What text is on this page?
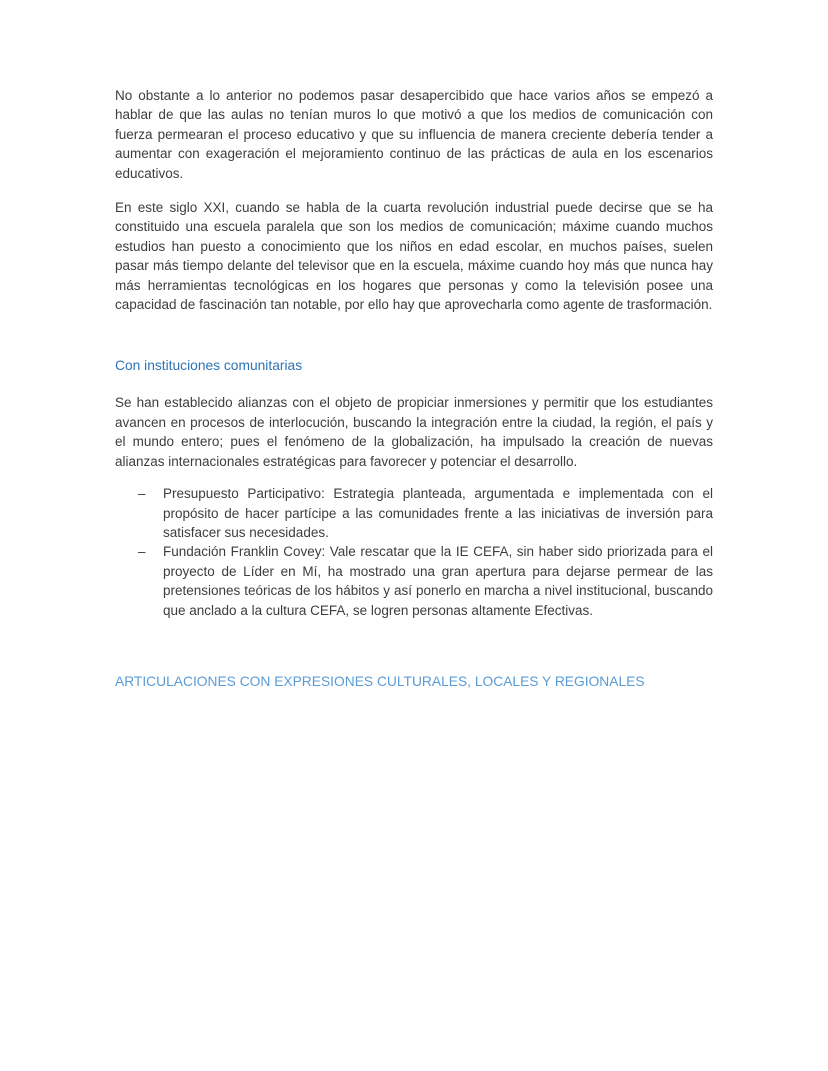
No obstante a lo anterior no podemos pasar desapercibido que hace varios años se empezó a hablar de que las aulas no tenían muros lo que motivó a que los medios de comunicación con fuerza permearan el proceso educativo y que su influencia de manera creciente debería tender a aumentar con exageración el mejoramiento continuo de las prácticas de aula en los escenarios educativos.

En este siglo XXI, cuando se habla de la cuarta revolución industrial puede decirse que se ha constituido una escuela paralela que son los medios de comunicación; máxime cuando muchos estudios han puesto a conocimiento que los niños en edad escolar, en muchos países, suelen pasar más tiempo delante del televisor que en la escuela, máxime cuando hoy más que nunca hay más herramientas tecnológicas en los hogares que personas y como la televisión posee una capacidad de fascinación tan notable, por ello hay que aprovecharla como agente de trasformación.

Con instituciones comunitarias

Se han establecido alianzas con el objeto de propiciar inmersiones y permitir que los estudiantes avancen en procesos de interlocución, buscando la integración entre la ciudad, la región, el país y el mundo entero; pues el fenómeno de la globalización, ha impulsado la creación de nuevas alianzas internacionales estratégicas para favorecer y potenciar el desarrollo.

– Presupuesto Participativo: Estrategia planteada, argumentada e implementada con el propósito de hacer partícipe a las comunidades frente a las iniciativas de inversión para satisfacer sus necesidades.
– Fundación Franklin Covey: Vale rescatar que la IE CEFA, sin haber sido priorizada para el proyecto de Líder en Mí, ha mostrado una gran apertura para dejarse permear de las pretensiones teóricas de los hábitos y así ponerlo en marcha a nivel institucional, buscando que anclado a la cultura CEFA, se logren personas altamente Efectivas.
ARTICULACIONES CON EXPRESIONES CULTURALES, LOCALES Y REGIONALES
